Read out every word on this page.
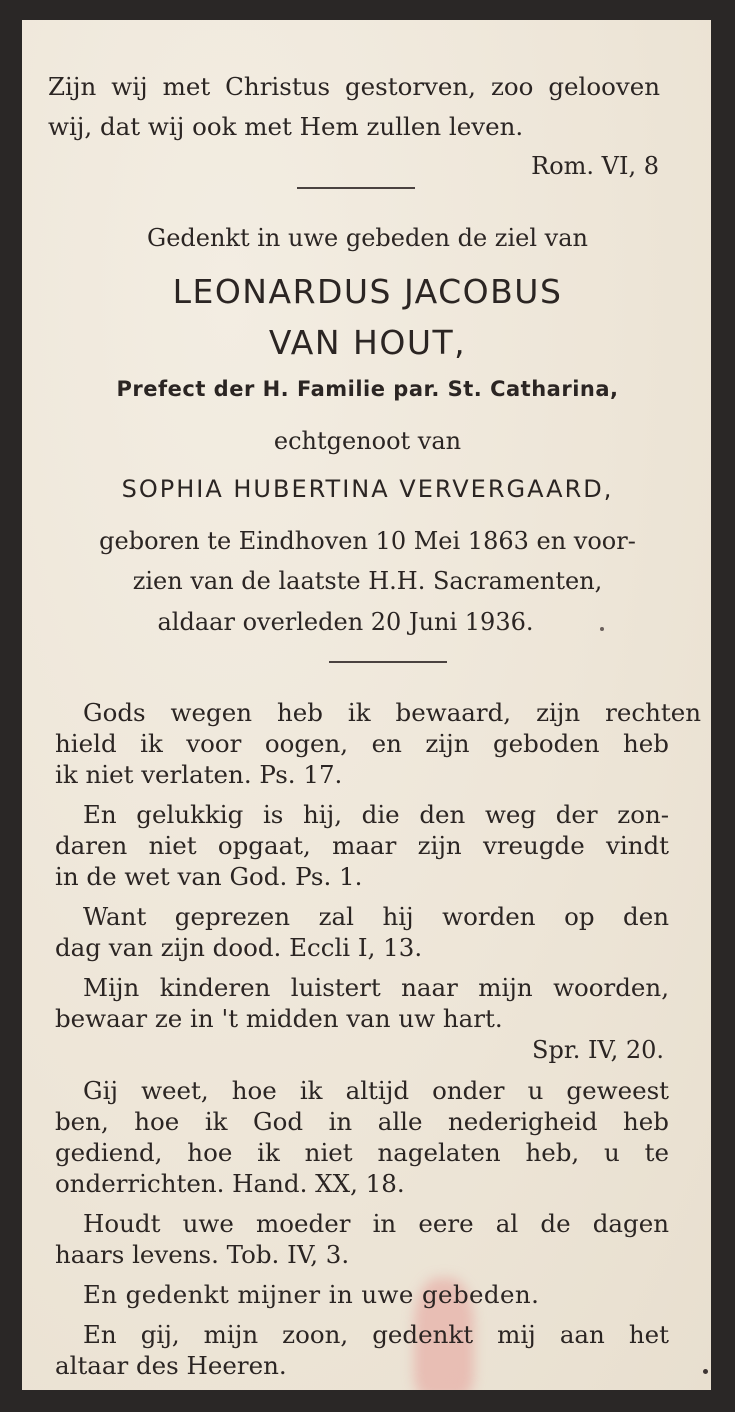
Zijn wij met Christus gestorven, zoo gelooven
wij, dat wij ook met Hem zullen leven.
Rom. VI, 8
Gedenkt in uwe gebeden de ziel van
LEONARDUS JACOBUS
VAN HOUT,
Prefect der H. Familie par. St. Catharina,
echtgenoot van
SOPHIA HUBERTINA VERVERGAARD,
geboren te Eindhoven 10 Mei 1863 en voor-
zien van de laatste H.H. Sacramenten,
aldaar overleden 20 Juni 1936.
Gods wegen heb ik bewaard, zijn rechten
hield ik voor oogen, en zijn geboden heb
ik niet verlaten. Ps. 17.
En gelukkig is hij, die den weg der zon-
daren niet opgaat, maar zijn vreugde vindt
in de wet van God. Ps. 1.
Want geprezen zal hij worden op den
dag van zijn dood. Eccli I, 13.
Mijn kinderen luistert naar mijn woorden,
bewaar ze in 't midden van uw hart.
Spr. IV, 20.
Gij weet, hoe ik altijd onder u geweest
ben, hoe ik God in alle nederigheid heb
gediend, hoe ik niet nagelaten heb, u te
onderrichten. Hand. XX, 18.
Houdt uwe moeder in eere al de dagen
haars levens. Tob. IV, 3.
En gedenkt mijner in uwe gebeden.
En gij, mijn zoon, gedenkt mij aan het
altaar des Heeren.
